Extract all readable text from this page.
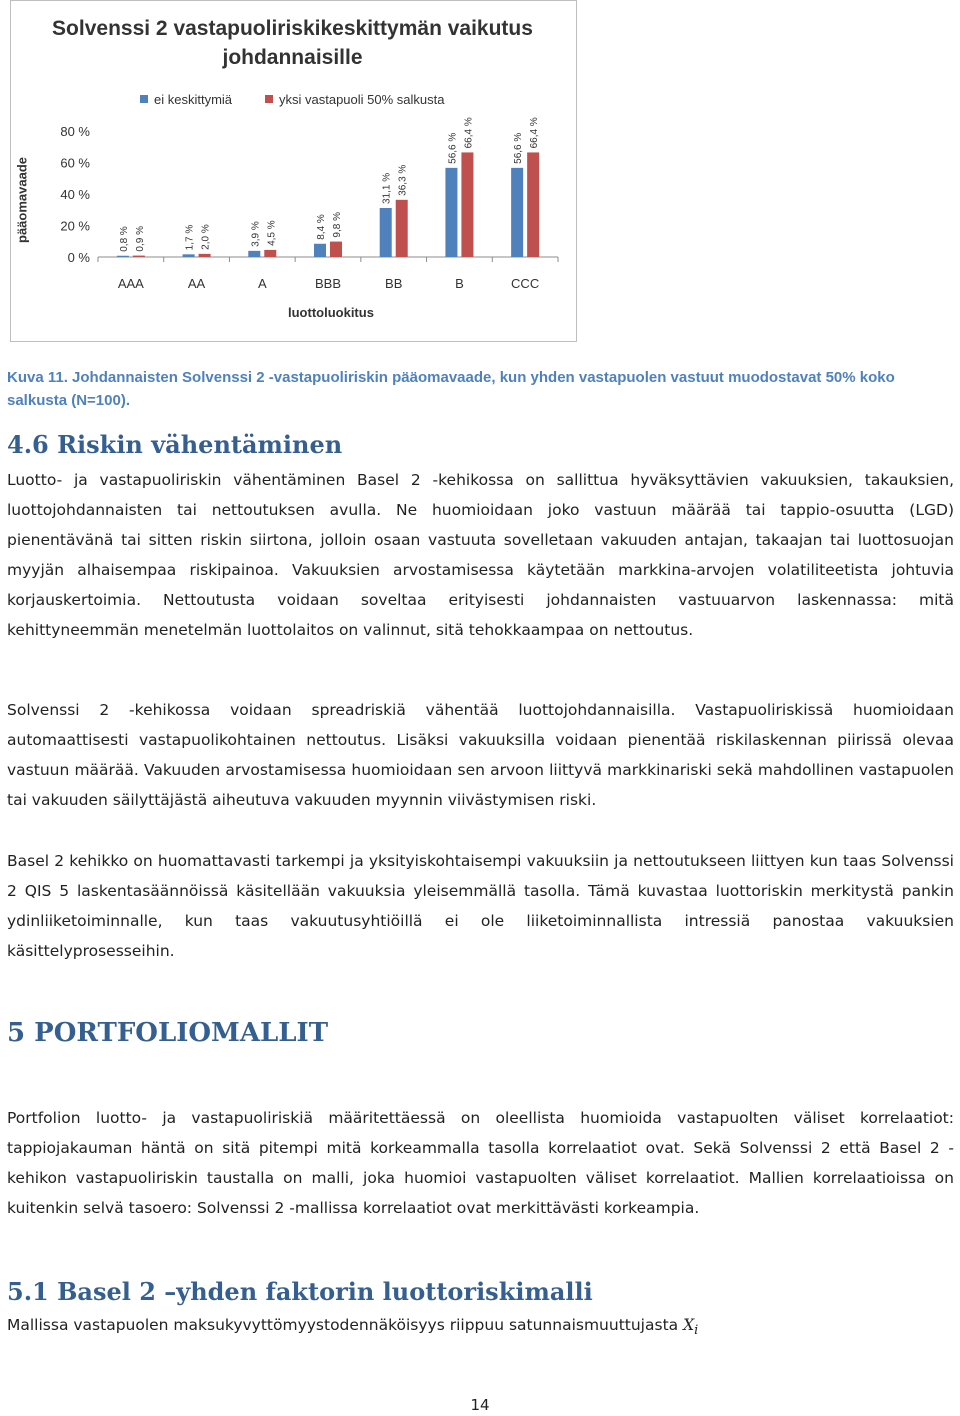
Solvenssi 2 vastapuoliriskikeskittymän vaikutus johdannaisille
ei keskittymiä	yksi vastapuoli 50% salkusta
pääomavaade
luottoluokitus
0 %
20 %
40 %
60 %
80 %
0,8 % 0,9 %
AAA
1,7 % 2,0 %
AA
3,9 % 4,5 %
A
8,4 % 9,8 %
BBB
31,1 % 36,3 %
BB
56,6 % 66,4 %
B
56,6 % 66,4 %
CCC
Kuva 11. Johdannaisten Solvenssi 2 -vastapuoliriskin pääomavaade, kun yhden vastapuolen vastuut muodostavat 50% koko salkusta (N=100).
4.6 Riskin vähentäminen

Luotto- ja vastapuoliriskin vähentäminen Basel 2 -kehikossa on sallittua hyväksyttävien vakuuksien, takauksien, luottojohdannaisten tai nettoutuksen avulla. Ne huomioidaan joko vastuun määrää tai tappio-osuutta (LGD) pienentävänä tai sitten riskin siirtona, jolloin osaan vastuuta sovelletaan vakuuden antajan, takaajan tai luottosuojan myyjän alhaisempaa riskipainoa. Vakuuksien arvostamisessa käytetään markkina-arvojen volatiliteetista johtuvia korjauskertoimia. Nettoutusta voidaan soveltaa erityisesti johdannaisten vastuuarvon laskennassa: mitä kehittyneemmän menetelmän luottolaitos on valinnut, sitä tehokkaampaa on nettoutus.

Solvenssi 2 -kehikossa voidaan spreadriskiä vähentää luottojohdannaisilla. Vastapuoliriskissä huomioidaan automaattisesti vastapuolikohtainen nettoutus. Lisäksi vakuuksilla voidaan pienentää riskilaskennan piirissä olevaa vastuun määrää. Vakuuden arvostamisessa huomioidaan sen arvoon liittyvä markkinariski sekä mahdollinen vastapuolen tai vakuuden säilyttäjästä aiheutuva vakuuden myynnin viivästymisen riski.

Basel 2 kehikko on huomattavasti tarkempi ja yksityiskohtaisempi vakuuksiin ja nettoutukseen liittyen kun taas Solvenssi 2 QIS 5 laskentasäännöissä käsitellään vakuuksia yleisemmällä tasolla. Tämä kuvastaa luottoriskin merkitystä pankin ydinliiketoiminnalle, kun taas vakuutusyhtiöillä ei ole liiketoiminnallista intressiä panostaa vakuuksien käsittelyprosesseihin.

5 PORTFOLIOMALLIT

Portfolion luotto- ja vastapuoliriskiä määritettäessä on oleellista huomioida vastapuolten väliset korrelaatiot: tappiojakauman häntä on sitä pitempi mitä korkeammalla tasolla korrelaatiot ovat. Sekä Solvenssi 2 että Basel 2 -kehikon vastapuoliriskin taustalla on malli, joka huomioi vastapuolten väliset korrelaatiot. Mallien korrelaatioissa on kuitenkin selvä tasoero: Solvenssi 2 -mallissa korrelaatiot ovat merkittävästi korkeampia.

5.1 Basel 2 –yhden faktorin luottoriskimalli
Mallissa vastapuolen maksukyvyttömyystodennäköisyys riippuu satunnaismuuttujasta $X_i$
14
